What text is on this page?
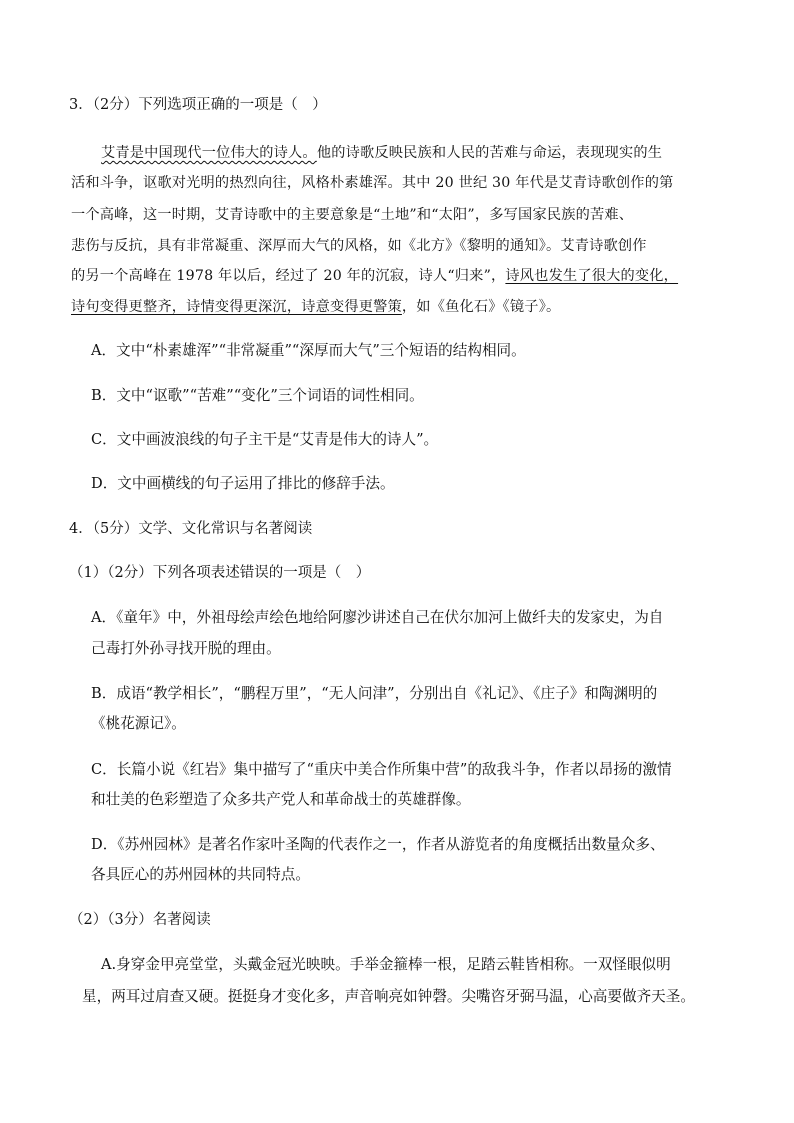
3．（2分）下列选项正确的一项是（　）
艾青是中国现代一位伟大的诗人。他的诗歌反映民族和人民的苦难与命运，表现现实的生
活和斗争，讴歌对光明的热烈向往，风格朴素雄浑。其中 20 世纪 30 年代是艾青诗歌创作的第
一个高峰，这一时期，艾青诗歌中的主要意象是“土地”和“太阳”，多写国家民族的苦难、
悲伤与反抗，具有非常凝重、深厚而大气的风格，如《北方》《黎明的通知》。艾青诗歌创作
的另一个高峰在 1978 年以后，经过了 20 年的沉寂，诗人“归来”，诗风也发生了很大的变化，
诗句变得更整齐，诗情变得更深沉，诗意变得更警策，如《鱼化石》《镜子》。
A．文中“朴素雄浑”“非常凝重”“深厚而大气”三个短语的结构相同。
B．文中“讴歌”“苦难”“变化”三个词语的词性相同。
C．文中画波浪线的句子主干是“艾青是伟大的诗人”。
D．文中画横线的句子运用了排比的修辞手法。
4．（5分）文学、文化常识与名著阅读
（1）（2分）下列各项表述错误的一项是（　）
A．《童年》中，外祖母绘声绘色地给阿廖沙讲述自己在伏尔加河上做纤夫的发家史，为自
己毒打外孙寻找开脱的理由。
B．成语“教学相长”，“鹏程万里”，“无人问津”，分别出自《礼记》、《庄子》和陶渊明的
《桃花源记》。
C．长篇小说《红岩》集中描写了“重庆中美合作所集中营”的敌我斗争，作者以昂扬的激情
和壮美的色彩塑造了众多共产党人和革命战士的英雄群像。
D．《苏州园林》是著名作家叶圣陶的代表作之一，作者从游览者的角度概括出数量众多、
各具匠心的苏州园林的共同特点。
（2）（3分）名著阅读
A.身穿金甲亮堂堂，头戴金冠光映映。手举金箍棒一根，足踏云鞋皆相称。一双怪眼似明
星，两耳过肩查又硬。挺挺身才变化多，声音响亮如钟磬。尖嘴咨牙弼马温，心高要做齐天圣。
